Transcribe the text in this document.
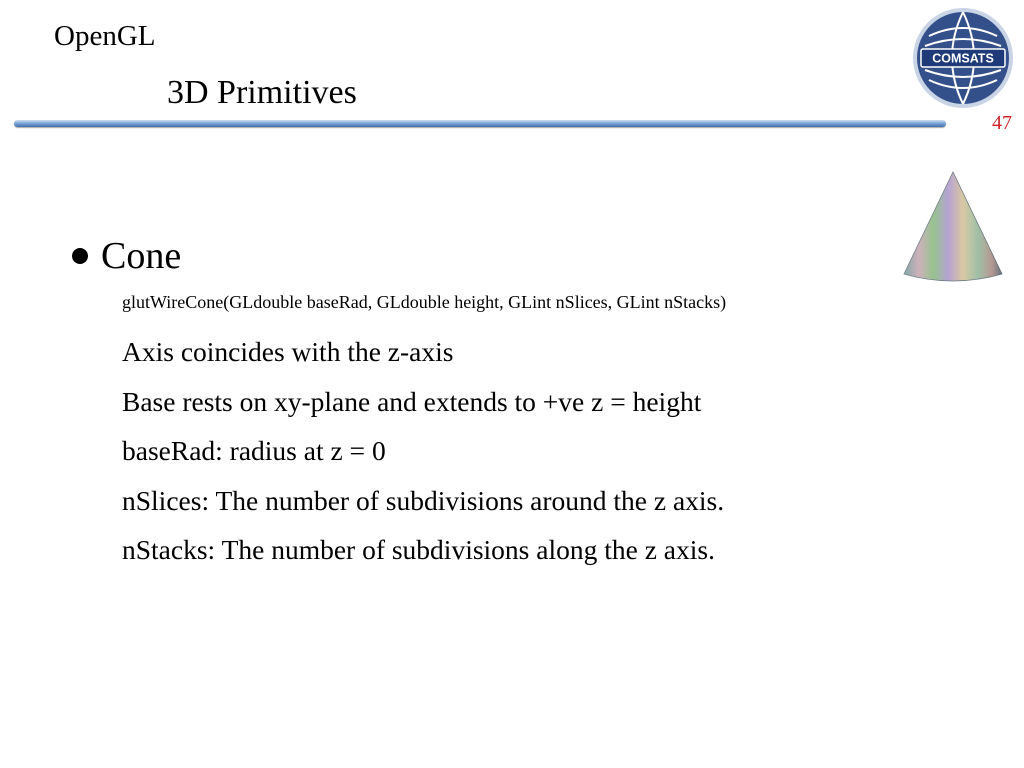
OpenGL
3D Primitives
COMSATS
47
Cone
glutWireCone(GLdouble baseRad, GLdouble height, GLint nSlices, GLint nStacks)
Axis coincides with the z-axis
Base rests on xy-plane and extends to +ve z = height
baseRad: radius at z = 0
nSlices: The number of subdivisions around the z axis.
nStacks: The number of subdivisions along the z axis.
